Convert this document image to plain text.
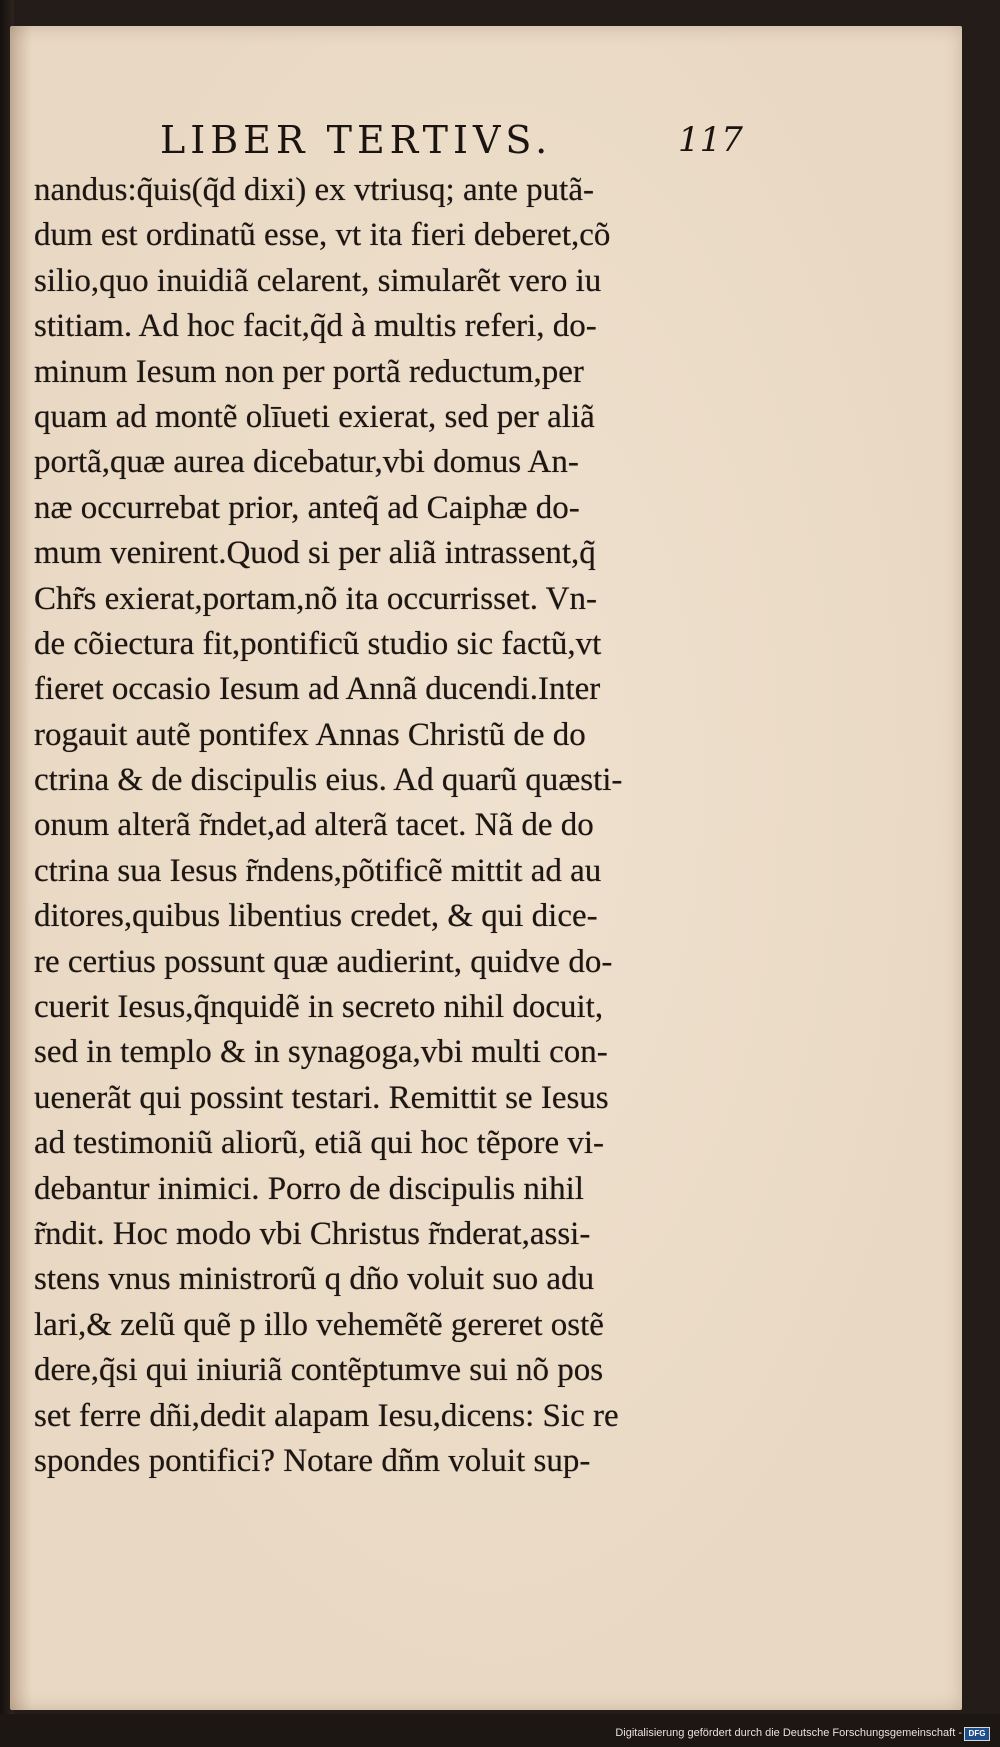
LIBER TERTIVS.	117
nandus:q̃uis(q̃d dixi) ex vtriusq; ante putã-
dum est ordinatũ esse, vt ita fieri deberet,cõ
silio,quo inuidiã celarent, simularẽt vero iu
stitiam. Ad hoc facit,q̃d à multis referi, do-
minum Iesum non per portã reductum,per
quam ad montẽ olīueti exierat, sed per aliã
portã,quæ aurea dicebatur,vbi domus An-
næ occurrebat prior, anteq̃ ad Caiphæ do-
mum venirent.Quod si per aliã intrassent,q̃
Chr̃s exierat,portam,nõ ita occurrisset. Vn-
de cõiectura fit,pontificũ studio sic factũ,vt
fieret occasio Iesum ad Annã ducendi.Inter
rogauit autẽ pontifex Annas Christũ de do
ctrina & de discipulis eius. Ad quarũ quæsti-
onum alterã r̃ndet,ad alterã tacet. Nã de do
ctrina sua Iesus r̃ndens,põtificẽ mittit ad au
ditores,quibus libentius credet, & qui dice-
re certius possunt quæ audierint, quidve do-
cuerit Iesus,q̃nquidẽ in secreto nihil docuit,
sed in templo & in synagoga,vbi multi con-
uenerãt qui possint testari. Remittit se Iesus
ad testimoniũ aliorũ, etiã qui hoc tẽpore vi-
debantur inimici. Porro de discipulis nihil
r̃ndit. Hoc modo vbi Christus r̃nderat,assi-
stens vnus ministrorũ q dño voluit suo adu
lari,& zelũ quẽ p illo vehemẽtẽ gereret ostẽ
dere,q̃si qui iniuriã contẽptumve sui nõ pos
set ferre dñi,dedit alapam Iesu,dicens: Sic re
spondes pontifici? Notare dñm voluit sup-
Digitalisierung gefördert durch die Deutsche Forschungsgemeinschaft - DFG
